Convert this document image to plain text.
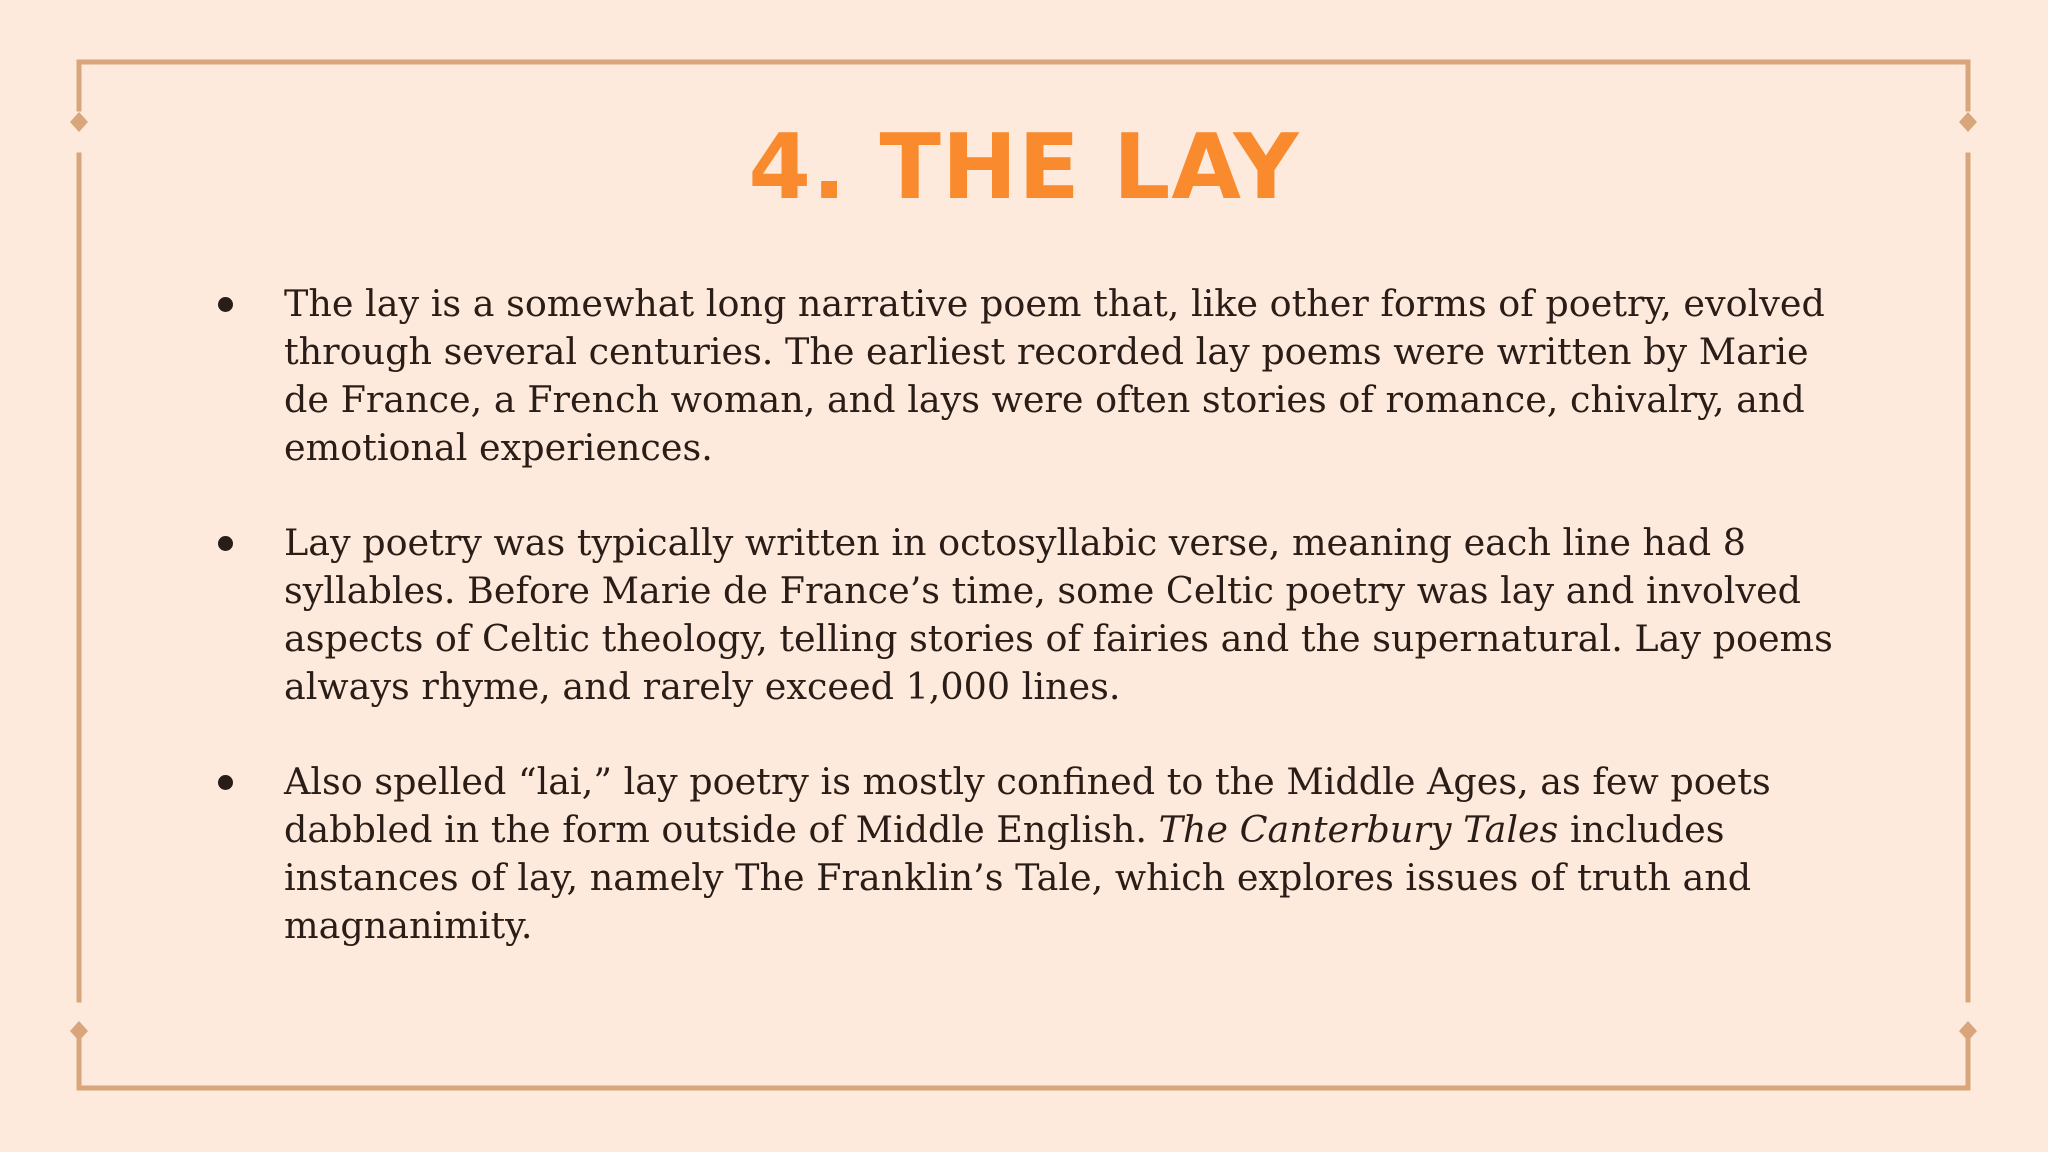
4. THE LAY
The lay is a somewhat long narrative poem that, like other forms of poetry, evolved through several centuries. The earliest recorded lay poems were written by Marie de France, a French woman, and lays were often stories of romance, chivalry, and emotional experiences.
Lay poetry was typically written in octosyllabic verse, meaning each line had 8 syllables. Before Marie de France’s time, some Celtic poetry was lay and involved aspects of Celtic theology, telling stories of fairies and the supernatural. Lay poems always rhyme, and rarely exceed 1,000 lines.
Also spelled “lai,” lay poetry is mostly confined to the Middle Ages, as few poets dabbled in the form outside of Middle English. The Canterbury Tales includes instances of lay, namely The Franklin’s Tale, which explores issues of truth and magnanimity.
